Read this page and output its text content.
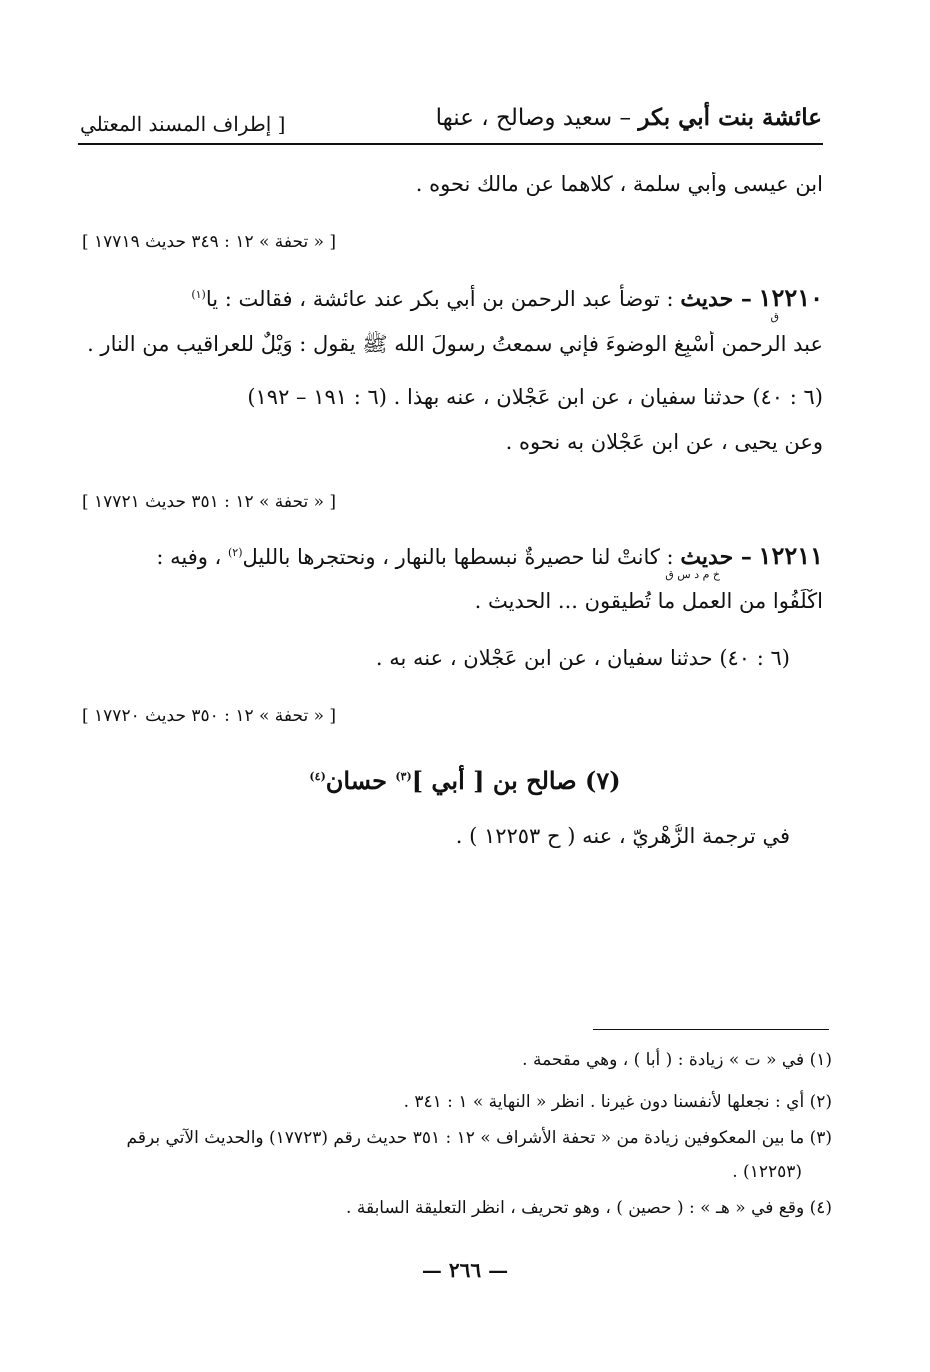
عائشة بنت أبي بكر – سعيد وصالح ، عنها
[ إطراف المسند المعتلي
ابن عيسى وأبي سلمة ، كلاهما عن مالك نحوه .
[ « تحفة » ١٢ : ٣٤٩ حديث ١٧٧١٩ ]
١٢٢١٠ – حديث : توضأ عبد الرحمن بن أبي بكر عند عائشة ، فقالت : يا$^{(١)}$
ق
عبد الرحمن أَسْبِغ الوضوءَ فإني سمعتُ رسولَ الله ﷺ يقول : وَيْلٌ للعراقيب من النار .
(٦ : ٤٠) حدثنا سفيان ، عن ابن عَجْلان ، عنه بهذا . (٦ : ١٩١ – ١٩٢)
وعن يحيى ، عن ابن عَجْلان به نحوه .
[ « تحفة » ١٢ : ٣٥١ حديث ١٧٧٢١ ]
١٢٢١١ – حديث : كانتْ لنا حصيرةٌ نبسطها بالنهار ، ونحتجرها بالليل$^{(٢)}$ ، وفيه :
خ م د س ق
اكْلَفُوا من العمل ما تُطيقون ... الحديث .
(٦ : ٤٠) حدثنا سفيان ، عن ابن عَجْلان ، عنه به .
[ « تحفة » ١٢ : ٣٥٠ حديث ١٧٧٢٠ ]
(٧) صالح بن [ أبي ]$^{(٣)}$ حسان$^{(٤)}$
في ترجمة الزُّهْرِيّ ، عنه ( ح ١٢٢٥٣ ) .
(١) في « ت » زيادة : ( أبا ) ، وهي مقحمة .
(٢) أي : نجعلها لأنفسنا دون غيرنا . انظر « النهاية » ١ : ٣٤١ .
(٣) ما بين المعكوفين زيادة من « تحفة الأشراف » ١٢ : ٣٥١ حديث رقم (١٧٧٢٣) والحديث الآتي برقم
(١٢٢٥٣) .
(٤) وقع في « هـ » : ( حصين ) ، وهو تحريف ، انظر التعليقة السابقة .
— ٢٦٦ —
